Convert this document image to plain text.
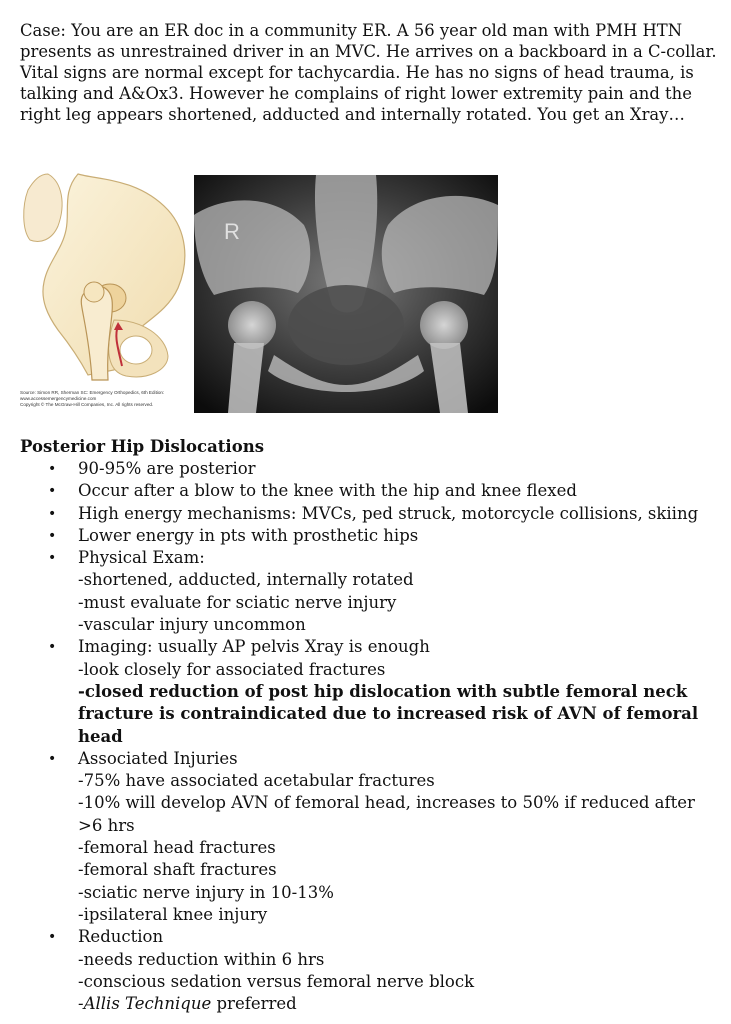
Case: You are an ER doc in a community ER. A 56 year old man with PMH HTN presents as unrestrained driver in an MVC. He arrives on a backboard in a C-collar. Vital signs are normal except for tachycardia. He has no signs of head trauma, is talking and A&Ox3. However he complains of right lower extremity pain and the right leg appears shortened, adducted and internally rotated. You get an Xray…

Source: Simon RR, Sherman SC: Emergency Orthopedics, 6th Edition:
www.accessemergencymedicine.com
Copyright © The McGraw-Hill Companies, Inc. All rights reserved.
R
Posterior Hip Dislocations
• 90-95% are posterior
• Occur after a blow to the knee with the hip and knee flexed
• High energy mechanisms: MVCs, ped struck, motorcycle collisions, skiing
• Lower energy in pts with prosthetic hips
• Physical Exam:
-shortened, adducted, internally rotated
-must evaluate for sciatic nerve injury
-vascular injury uncommon
• Imaging: usually AP pelvis Xray is enough
-look closely for associated fractures
-closed reduction of post hip dislocation with subtle femoral neck fracture is contraindicated due to increased risk of AVN of femoral head
• Associated Injuries
-75% have associated acetabular fractures
-10% will develop AVN of femoral head, increases to 50% if reduced after >6 hrs
-femoral head fractures
-femoral shaft fractures
-sciatic nerve injury in 10-13%
-ipsilateral knee injury
• Reduction
-needs reduction within 6 hrs
-conscious sedation versus femoral nerve block
-Allis Technique preferred
